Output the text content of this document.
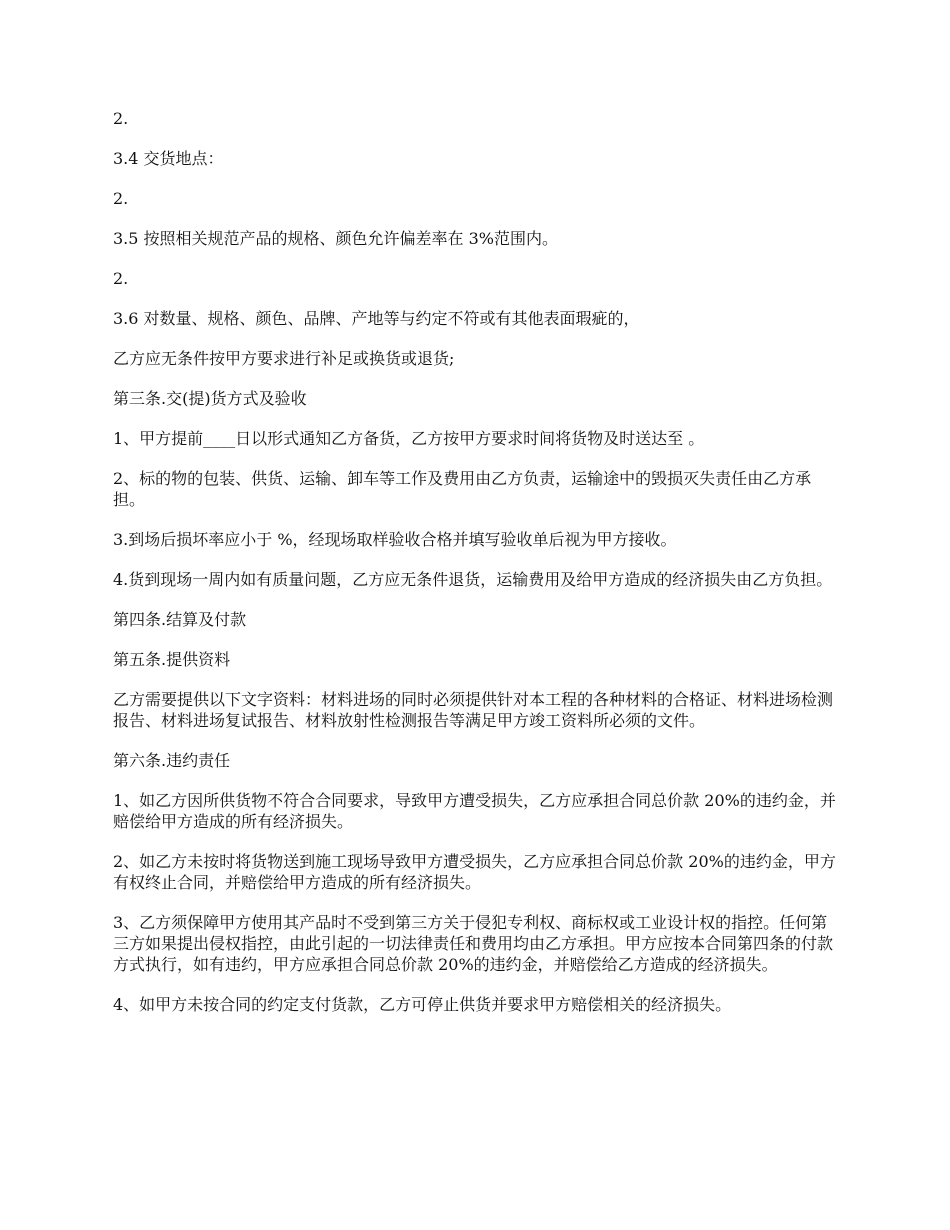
2.

3.4 交货地点：

2.

3.5 按照相关规范产品的规格、颜色允许偏差率在 3%范围内。

2.

3.6 对数量、规格、颜色、品牌、产地等与约定不符或有其他表面瑕疵的，

乙方应无条件按甲方要求进行补足或换货或退货;

第三条.交(提)货方式及验收

1、甲方提前____日以形式通知乙方备货，乙方按甲方要求时间将货物及时送达至 。

2、标的物的包装、供货、运输、卸车等工作及费用由乙方负责，运输途中的毁损灭失责任由乙方承担。

3.到场后损坏率应小于 %，经现场取样验收合格并填写验收单后视为甲方接收。

4.货到现场一周内如有质量问题，乙方应无条件退货，运输费用及给甲方造成的经济损失由乙方负担。

第四条.结算及付款

第五条.提供资料

乙方需要提供以下文字资料：材料进场的同时必须提供针对本工程的各种材料的合格证、材料进场检测报告、材料进场复试报告、材料放射性检测报告等满足甲方竣工资料所必须的文件。

第六条.违约责任

1、如乙方因所供货物不符合合同要求，导致甲方遭受损失，乙方应承担合同总价款 20%的违约金，并赔偿给甲方造成的所有经济损失。

2、如乙方未按时将货物送到施工现场导致甲方遭受损失，乙方应承担合同总价款 20%的违约金，甲方有权终止合同，并赔偿给甲方造成的所有经济损失。

3、乙方须保障甲方使用其产品时不受到第三方关于侵犯专利权、商标权或工业设计权的指控。任何第三方如果提出侵权指控，由此引起的一切法律责任和费用均由乙方承担。甲方应按本合同第四条的付款方式执行，如有违约，甲方应承担合同总价款 20%的违约金，并赔偿给乙方造成的经济损失。

4、如甲方未按合同的约定支付货款，乙方可停止供货并要求甲方赔偿相关的经济损失。
